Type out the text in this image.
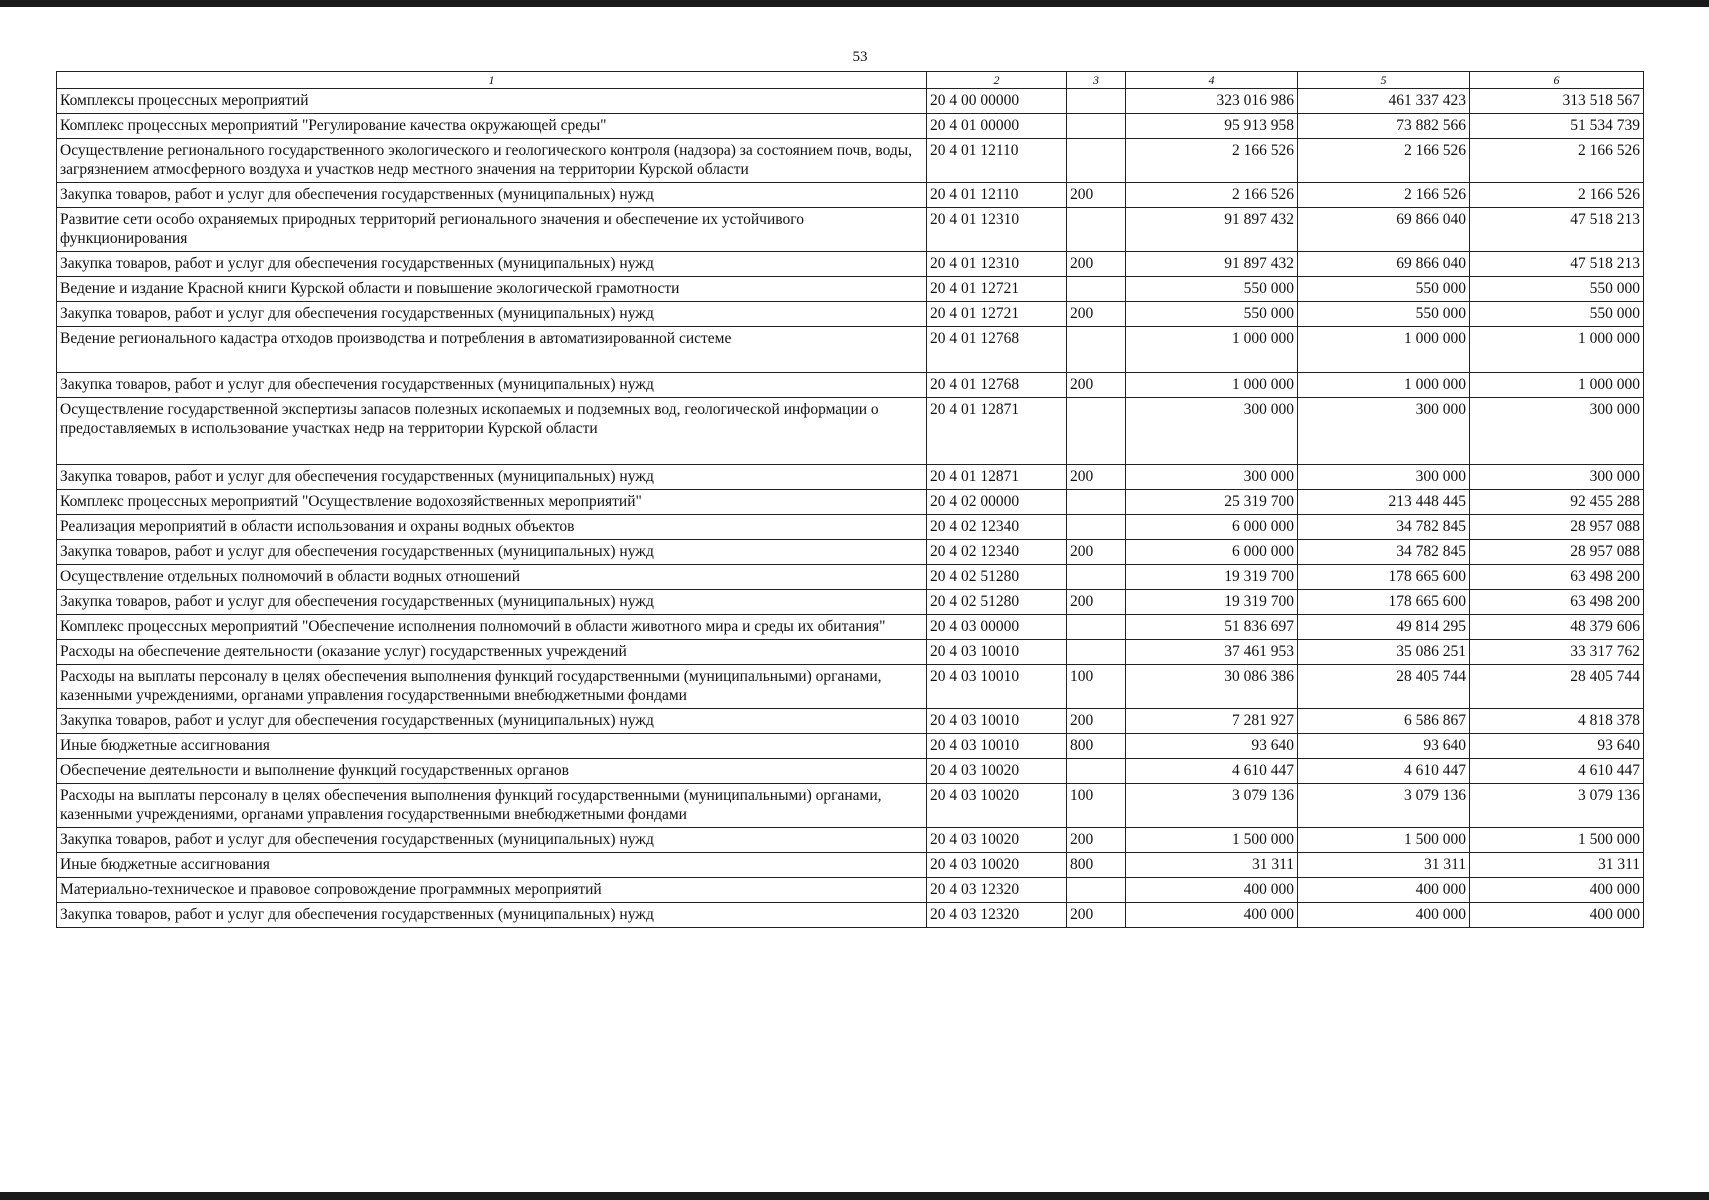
53
1	2	3	4	5	6
Комплексы процессных мероприятий	20 4 00 00000		323 016 986	461 337 423	313 518 567
Комплекс процессных мероприятий "Регулирование качества окружающей среды"	20 4 01 00000		95 913 958	73 882 566	51 534 739
Осуществление регионального государственного экологического и геологического контроля (надзора) за состоянием почв, воды, загрязнением атмосферного воздуха и участков недр местного значения на территории Курской области	20 4 01 12110		2 166 526	2 166 526	2 166 526
Закупка товаров, работ и услуг для обеспечения государственных (муниципальных) нужд	20 4 01 12110	200	2 166 526	2 166 526	2 166 526
Развитие сети особо охраняемых природных территорий регионального значения и обеспечение их устойчивого функционирования	20 4 01 12310		91 897 432	69 866 040	47 518 213
Закупка товаров, работ и услуг для обеспечения государственных (муниципальных) нужд	20 4 01 12310	200	91 897 432	69 866 040	47 518 213
Ведение и издание Красной книги Курской области и повышение экологической грамотности	20 4 01 12721		550 000	550 000	550 000
Закупка товаров, работ и услуг для обеспечения государственных (муниципальных) нужд	20 4 01 12721	200	550 000	550 000	550 000
Ведение регионального кадастра отходов производства и потребления в автоматизированной системе	20 4 01 12768		1 000 000	1 000 000	1 000 000
Закупка товаров, работ и услуг для обеспечения государственных (муниципальных) нужд	20 4 01 12768	200	1 000 000	1 000 000	1 000 000
Осуществление государственной экспертизы запасов полезных ископаемых и подземных вод, геологической информации о предоставляемых в использование участках недр на территории Курской области	20 4 01 12871		300 000	300 000	300 000
Закупка товаров, работ и услуг для обеспечения государственных (муниципальных) нужд	20 4 01 12871	200	300 000	300 000	300 000
Комплекс процессных мероприятий "Осуществление водохозяйственных мероприятий"	20 4 02 00000		25 319 700	213 448 445	92 455 288
Реализация мероприятий в области использования и охраны водных объектов	20 4 02 12340		6 000 000	34 782 845	28 957 088
Закупка товаров, работ и услуг для обеспечения государственных (муниципальных) нужд	20 4 02 12340	200	6 000 000	34 782 845	28 957 088
Осуществление отдельных полномочий в области водных отношений	20 4 02 51280		19 319 700	178 665 600	63 498 200
Закупка товаров, работ и услуг для обеспечения государственных (муниципальных) нужд	20 4 02 51280	200	19 319 700	178 665 600	63 498 200
Комплекс процессных мероприятий "Обеспечение исполнения полномочий в области животного мира и среды их обитания"	20 4 03 00000		51 836 697	49 814 295	48 379 606
Расходы на обеспечение деятельности (оказание услуг) государственных учреждений	20 4 03 10010		37 461 953	35 086 251	33 317 762
Расходы на выплаты персоналу в целях обеспечения выполнения функций государственными (муниципальными) органами, казенными учреждениями, органами управления государственными внебюджетными фондами	20 4 03 10010	100	30 086 386	28 405 744	28 405 744
Закупка товаров, работ и услуг для обеспечения государственных (муниципальных) нужд	20 4 03 10010	200	7 281 927	6 586 867	4 818 378
Иные бюджетные ассигнования	20 4 03 10010	800	93 640	93 640	93 640
Обеспечение деятельности и выполнение функций государственных органов	20 4 03 10020		4 610 447	4 610 447	4 610 447
Расходы на выплаты персоналу в целях обеспечения выполнения функций государственными (муниципальными) органами, казенными учреждениями, органами управления государственными внебюджетными фондами	20 4 03 10020	100	3 079 136	3 079 136	3 079 136
Закупка товаров, работ и услуг для обеспечения государственных (муниципальных) нужд	20 4 03 10020	200	1 500 000	1 500 000	1 500 000
Иные бюджетные ассигнования	20 4 03 10020	800	31 311	31 311	31 311
Материально-техническое и правовое сопровождение программных мероприятий	20 4 03 12320		400 000	400 000	400 000
Закупка товаров, работ и услуг для обеспечения государственных (муниципальных) нужд	20 4 03 12320	200	400 000	400 000	400 000
